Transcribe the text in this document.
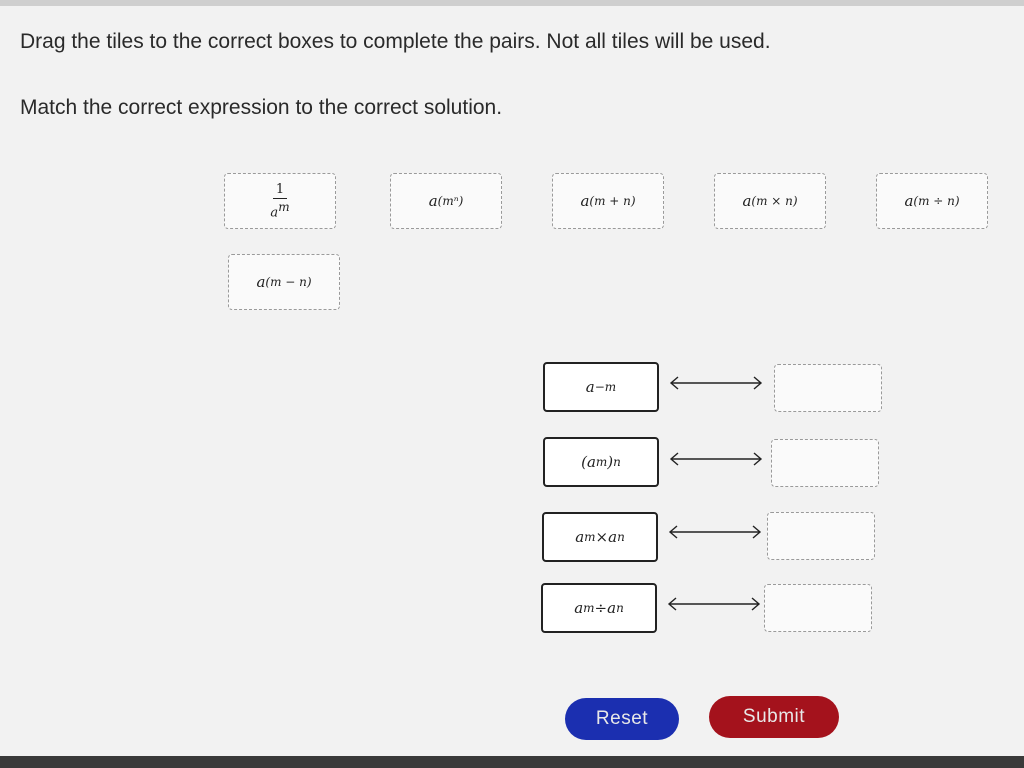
Drag the tiles to the correct boxes to complete the pairs. Not all tiles will be used.
Match the correct expression to the correct solution.
$\frac{1}{a^m}$	a (mⁿ)	a (m + n)	a (m × n)	a (m ÷ n)
a (m − n)
a −m
(a m ) n
a m × a n
a m ÷ a n
Reset	Submit
